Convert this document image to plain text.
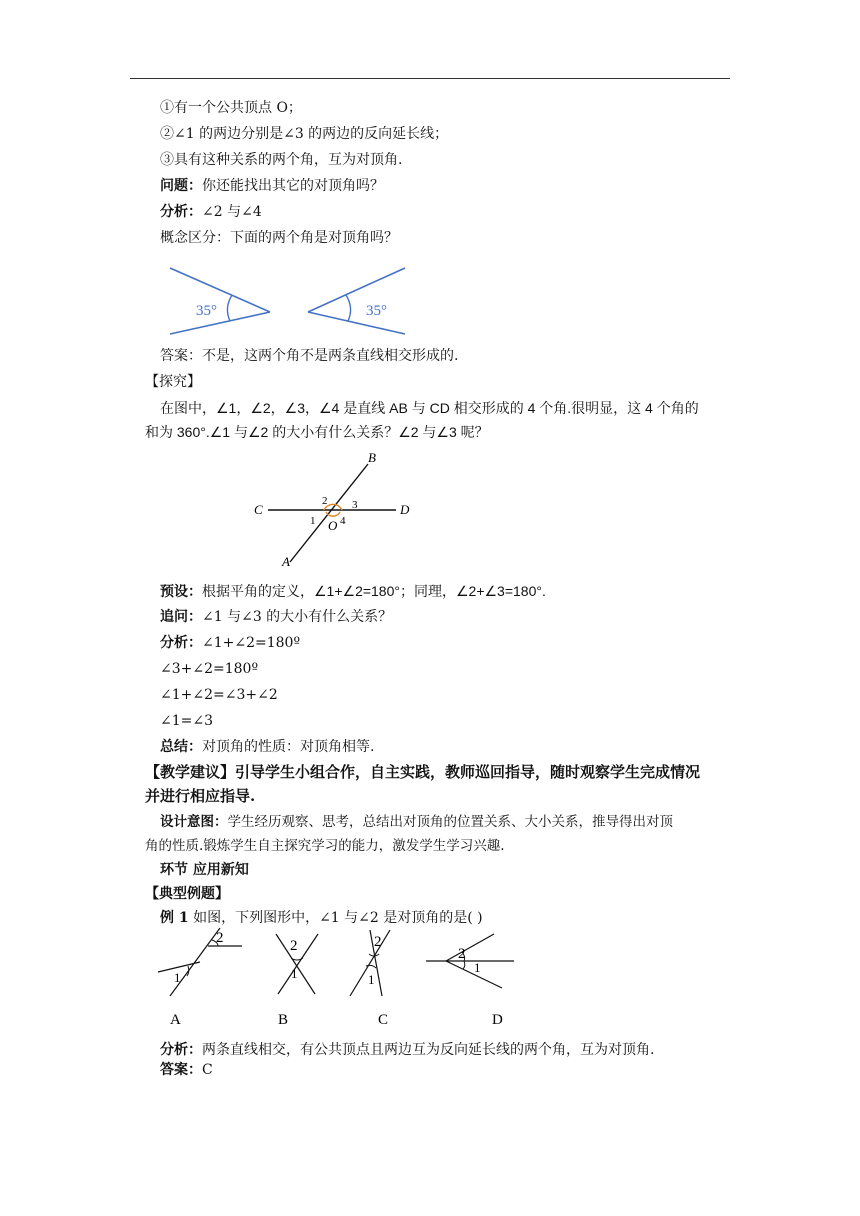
①有一个公共顶点 O；
②∠1 的两边分别是∠3 的两边的反向延长线；
③具有这种关系的两个角，互为对顶角.
问题：你还能找出其它的对顶角吗？
分析：∠2 与∠4
概念区分：下面的两个角是对顶角吗？
35°	35°
答案：不是，这两个角不是两条直线相交形成的.
【探究】
在图中，∠1，∠2，∠3，∠4 是直线 AB 与 CD 相交形成的 4 个角.很明显，这 4 个角的
和为 360°.∠1 与∠2 的大小有什么关系？∠2 与∠3 呢？
B
C	D
A
O
2 3
1 4
预设：根据平角的定义，∠1+∠2=180°；同理，∠2+∠3=180°.
追问：∠1 与∠3 的大小有什么关系？
分析：∠1+∠2=180º
∠3+∠2=180º
∠1+∠2=∠3+∠2
∠1=∠3
总结：对顶角的性质：对顶角相等.
【教学建议】引导学生小组合作，自主实践，教师巡回指导，随时观察学生完成情况
并进行相应指导.
设计意图：学生经历观察、思考，总结出对顶角的位置关系、大小关系，推导得出对顶
角的性质.锻炼学生自主探究学习的能力，激发学生学习兴趣.
环节 应用新知
【典型例题】
例 1 如图，下列图形中，∠1 与∠2 是对顶角的是( )
1
2
A
2
1
B
2
1
C
2
1
D
分析：两条直线相交，有公共顶点且两边互为反向延长线的两个角，互为对顶角.
答案：C
